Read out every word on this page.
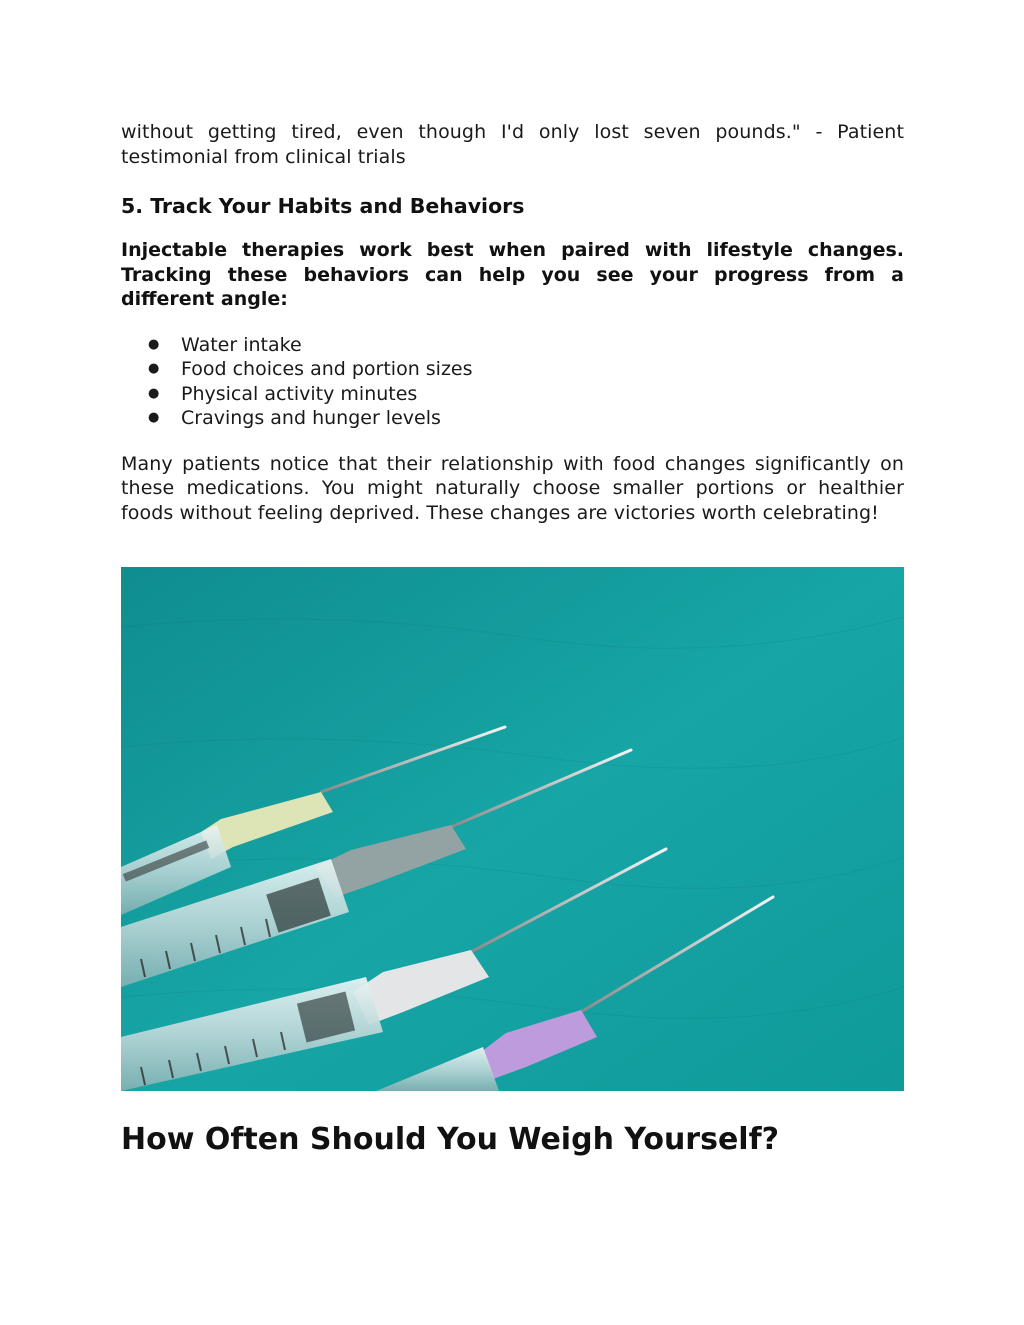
without getting tired, even though I'd only lost seven pounds." - Patient

testimonial from clinical trials

5. Track Your Habits and Behaviors

Injectable therapies work best when paired with lifestyle changes. Tracking these behaviors can help you see your progress from a different angle:

● Water intake
● Food choices and portion sizes
● Physical activity minutes
● Cravings and hunger levels

Many patients notice that their relationship with food changes significantly on these medications. You might naturally choose smaller portions or healthier foods without feeling deprived. These changes are victories worth celebrating!

How Often Should You Weigh Yourself?
